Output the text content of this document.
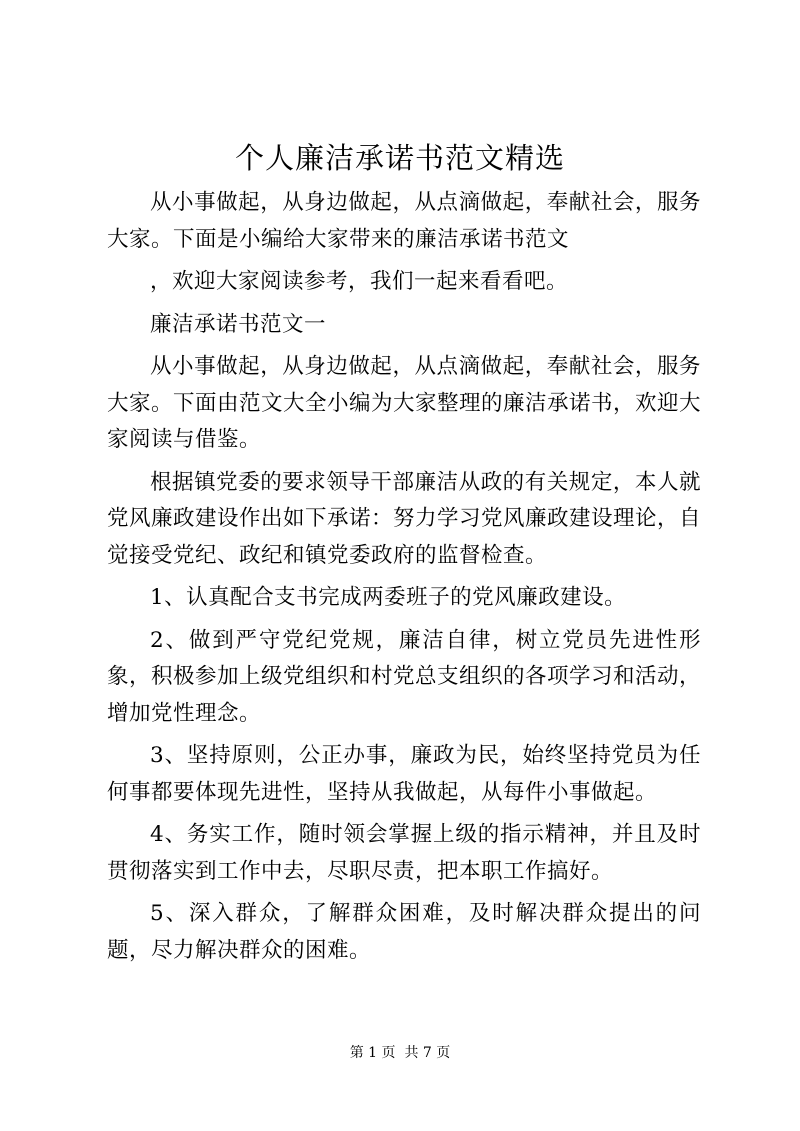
个人廉洁承诺书范文精选

从小事做起，从身边做起，从点滴做起，奉献社会，服务大家。下面是小编给大家带来的廉洁承诺书范文

，欢迎大家阅读参考，我们一起来看看吧。

廉洁承诺书范文一

从小事做起，从身边做起，从点滴做起，奉献社会，服务大家。下面由范文大全小编为大家整理的廉洁承诺书，欢迎大家阅读与借鉴。

根据镇党委的要求领导干部廉洁从政的有关规定，本人就党风廉政建设作出如下承诺：努力学习党风廉政建设理论，自觉接受党纪、政纪和镇党委政府的监督检查。

1、认真配合支书完成两委班子的党风廉政建设。

2、做到严守党纪党规，廉洁自律，树立党员先进性形象，积极参加上级党组织和村党总支组织的各项学习和活动，增加党性理念。

3、坚持原则，公正办事，廉政为民，始终坚持党员为任何事都要体现先进性，坚持从我做起，从每件小事做起。

4、务实工作，随时领会掌握上级的指示精神，并且及时贯彻落实到工作中去，尽职尽责，把本职工作搞好。

5、深入群众，了解群众困难，及时解决群众提出的问题，尽力解决群众的困难。

第 1 页  共 7 页
